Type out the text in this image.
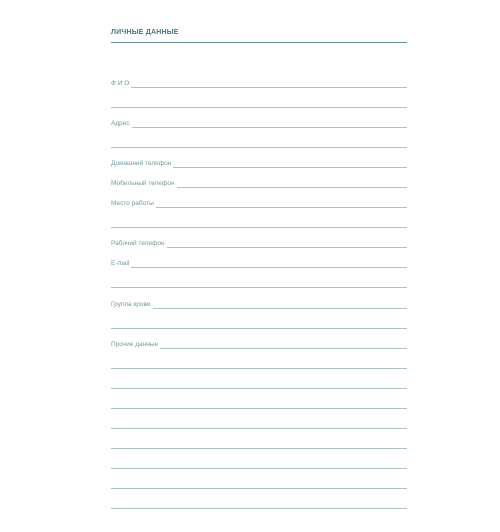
ЛИЧНЫЕ ДАННЫЕ
Ф И О
Адрес
Домашний телефон
Мобильный телефон
Место работы
Рабочий телефон
E-mail
Группа крови
Прочие данные
